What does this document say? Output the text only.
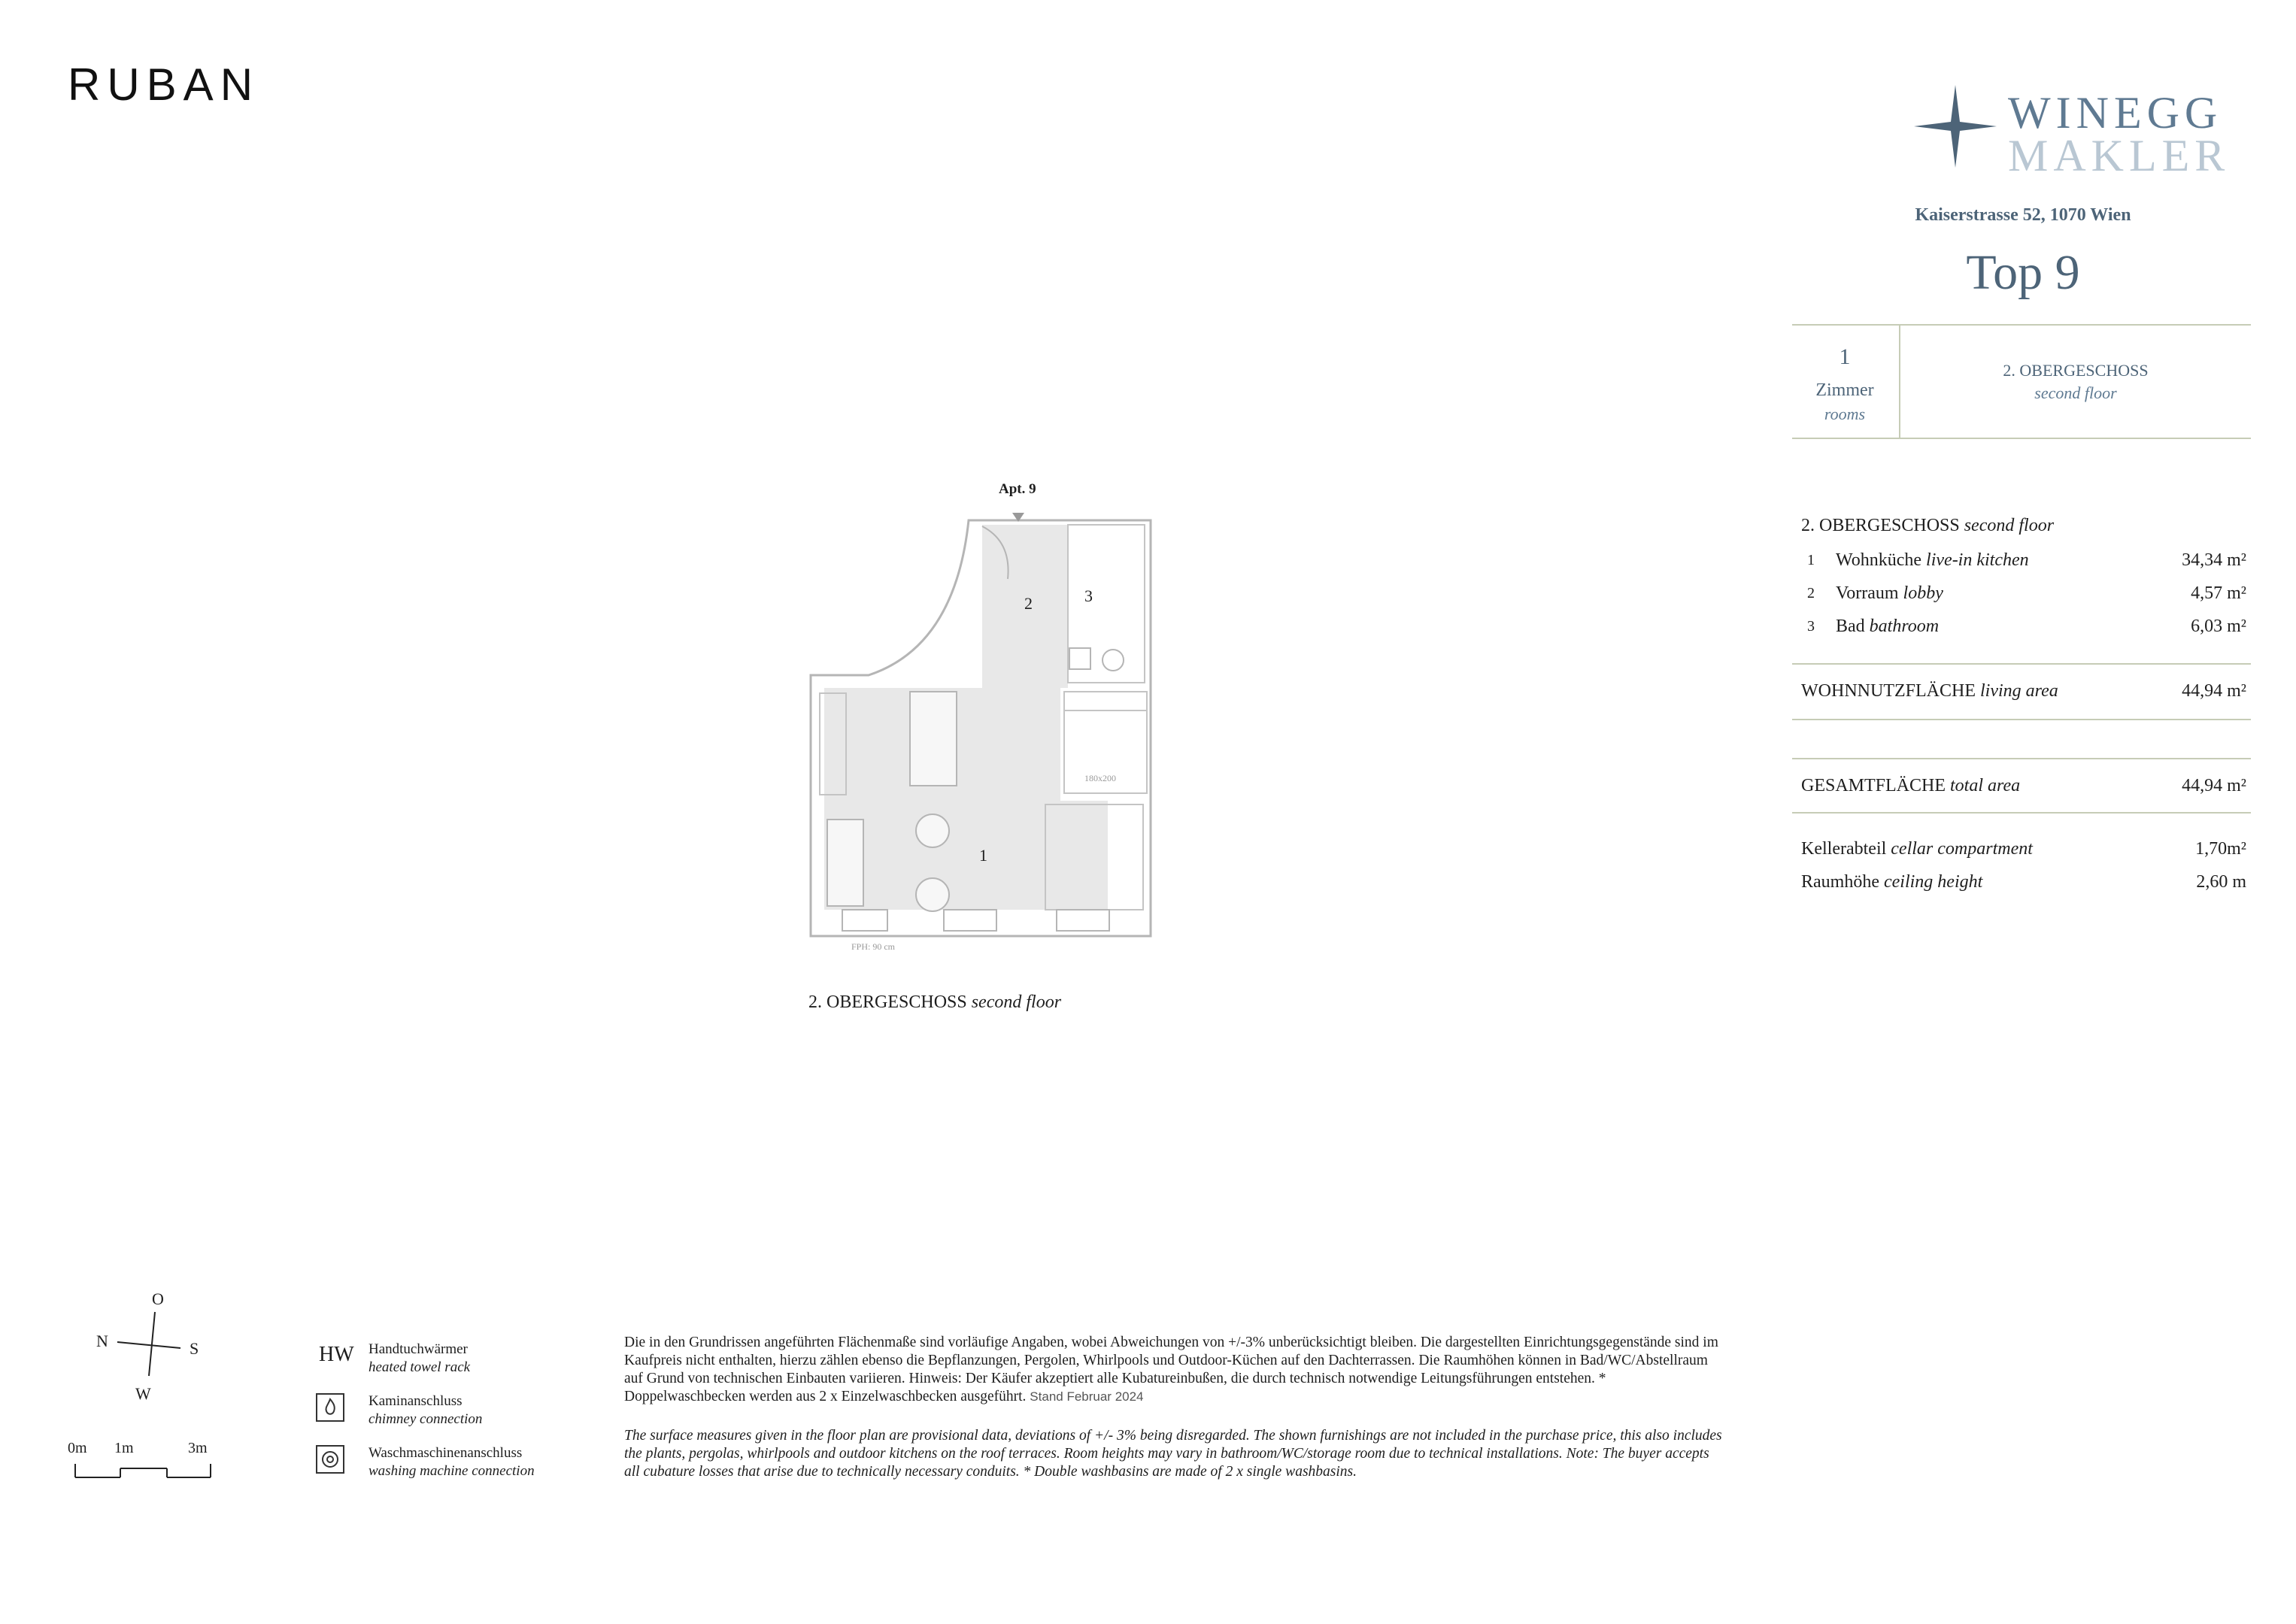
RUBAN
WINEGG
MAKLER
Kaiserstrasse 52, 1070 Wien
Top 9
1
Zimmer
rooms
2. OBERGESCHOSS
second floor
2. OBERGESCHOSS second floor
1	Wohnküche live-in kitchen	34,34 m²
2	Vorraum lobby	4,57 m²
3	Bad bathroom	6,03 m²
WOHNNUTZFLÄCHE living area	44,94 m²
GESAMTFLÄCHE total area	44,94 m²
Kellerabteil cellar compartment	1,70m²
Raumhöhe ceiling height	2,60 m
Apt. 9
2	3
1
180x200
FPH: 90 cm
2. OBERGESCHOSS second floor
O
N	S
W
0m 1m	3m
HW Handtuchwärmer
heated towel rack
Kaminanschluss
chimney connection
Waschmaschinenanschluss
washing machine connection
Die in den Grundrissen angeführten Flächenmaße sind vorläufige Angaben, wobei Abweichungen von +/-3% unberücksichtigt bleiben. Die dargestellten Einrichtungsgegenstände sind im Kaufpreis nicht enthalten, hierzu zählen ebenso die Bepflanzungen, Pergolen, Whirlpools und Outdoor-Küchen auf den Dachterrassen. Die Raumhöhen können in Bad/WC/Abstellraum auf Grund von technischen Einbauten variieren. Hinweis: Der Käufer akzeptiert alle Kubatureinbußen, die durch technisch notwendige Leitungsführungen entstehen. * Doppelwaschbecken werden aus 2 x Einzelwaschbecken ausgeführt. Stand Februar 2024
The surface measures given in the floor plan are provisional data, deviations of +/- 3% being disregarded. The shown furnishings are not included in the purchase price, this also includes the plants, pergolas, whirlpools and outdoor kitchens on the roof terraces. Room heights may vary in bathroom/WC/storage room due to technical installations. Note: The buyer accepts all cubature losses that arise due to technically necessary conduits. * Double washbasins are made of 2 x single washbasins.
